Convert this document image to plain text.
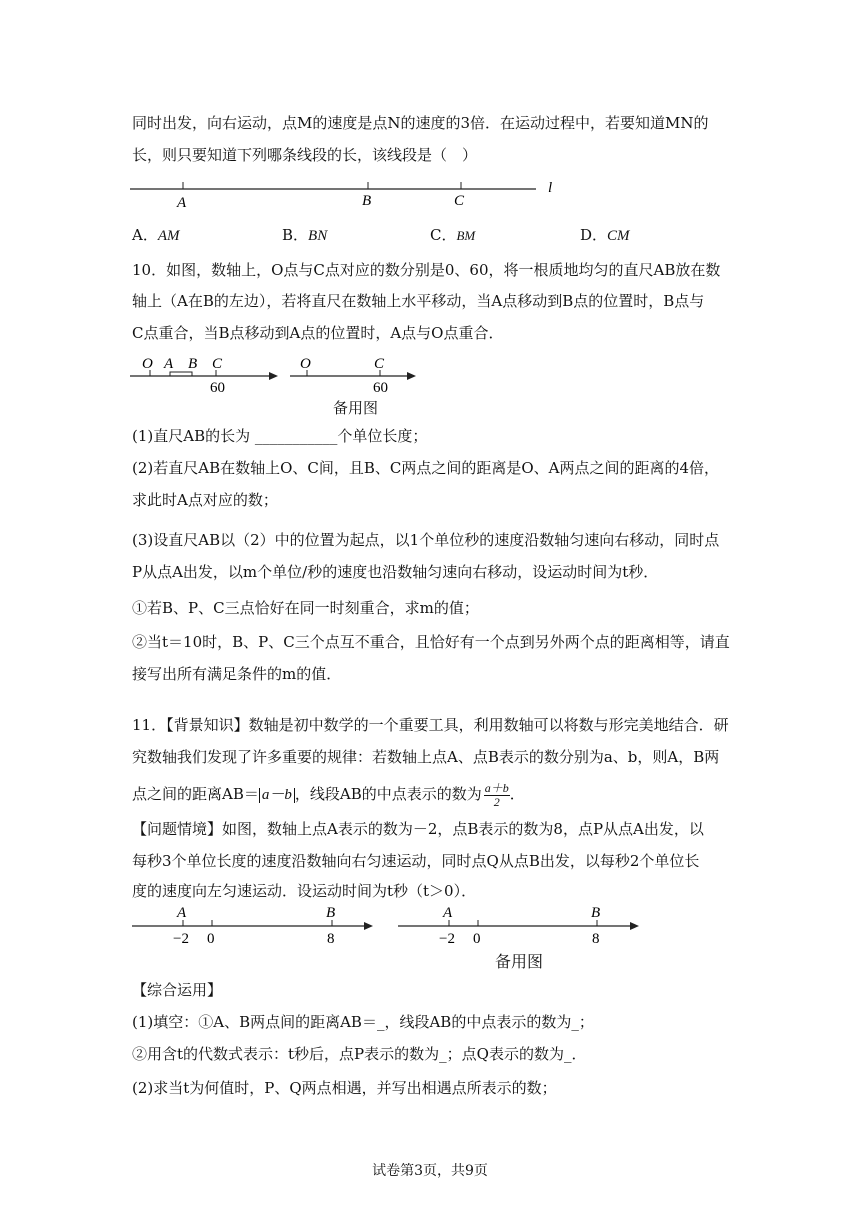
同时出发，向右运动，点M的速度是点N的速度的3倍．在运动过程中，若要知道MN的
长，则只要知道下列哪条线段的长，该线段是（　）
A	B	C
l
A．AM	B．BN	C．BM	D．CM
10．如图，数轴上，O点与C点对应的数分别是0、60，将一根质地均匀的直尺AB放在数
轴上（A在B的左边），若将直尺在数轴上水平移动，当A点移动到B点的位置时，B点与
C点重合，当B点移动到A点的位置时，A点与O点重合．
O A B C
60
O	C
60
备用图
(1)直尺AB的长为 ___________个单位长度；
(2)若直尺AB在数轴上O、C间，且B、C两点之间的距离是O、A两点之间的距离的4倍，
求此时A点对应的数；
(3)设直尺AB以（2）中的位置为起点，以1个单位秒的速度沿数轴匀速向右移动，同时点
P从点A出发，以m个单位/秒的速度也沿数轴匀速向右移动，设运动时间为t秒．
①若B、P、C三点恰好在同一时刻重合，求m的值；
②当t＝10时，B、P、C三个点互不重合，且恰好有一个点到另外两个点的距离相等，请直
接写出所有满足条件的m的值．
11．【背景知识】数轴是初中数学的一个重要工具，利用数轴可以将数与形完美地结合．研
究数轴我们发现了许多重要的规律：若数轴上点A、点B表示的数分别为a、b，则A，B两
点之间的距离AB＝ a－b ，线段AB的中点表示的数为 $\frac{a+b}{2}$ ．
【问题情境】如图，数轴上点A表示的数为－2，点B表示的数为8，点P从点A出发，以
每秒3个单位长度的速度沿数轴向右匀速运动，同时点Q从点B出发，以每秒2个单位长
度的速度向左匀速运动．设运动时间为t秒（t＞0）．
A	B
−2 0	8
A	B
−2 0	8
备用图
【综合运用】
(1)填空：①A、B两点间的距离AB＝_，线段AB的中点表示的数为_；
②用含t的代数式表示：t秒后，点P表示的数为_；点Q表示的数为_．
(2)求当t为何值时，P、Q两点相遇，并写出相遇点所表示的数；
试卷第3页，共9页
